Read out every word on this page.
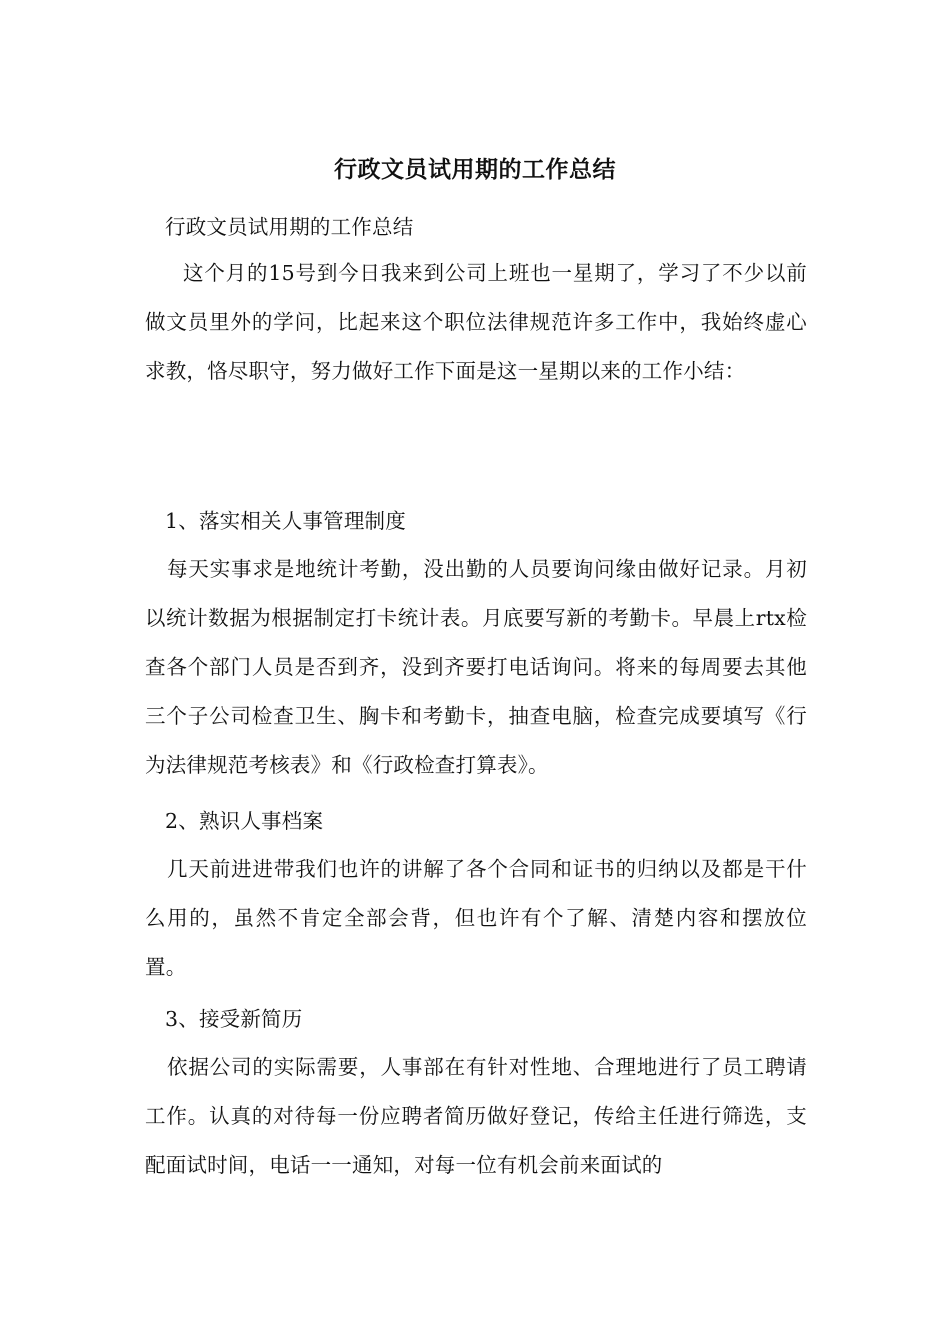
行政文员试用期的工作总结
行政文员试用期的工作总结
这个月的15号到今日我来到公司上班也一星期了，学习了不少以前做文员里外的学问，比起来这个职位法律规范许多工作中，我始终虚心求教，恪尽职守，努力做好工作下面是这一星期以来的工作小结：
1、落实相关人事管理制度
每天实事求是地统计考勤，没出勤的人员要询问缘由做好记录。月初以统计数据为根据制定打卡统计表。月底要写新的考勤卡。早晨上rtx检查各个部门人员是否到齐，没到齐要打电话询问。将来的每周要去其他三个子公司检查卫生、胸卡和考勤卡，抽查电脑，检查完成要填写《行为法律规范考核表》和《行政检查打算表》。
2、熟识人事档案
几天前进进带我们也许的讲解了各个合同和证书的归纳以及都是干什么用的，虽然不肯定全部会背，但也许有个了解、清楚内容和摆放位置。
3、接受新简历
依据公司的实际需要，人事部在有针对性地、合理地进行了员工聘请工作。认真的对待每一份应聘者简历做好登记，传给主任进行筛选，支配面试时间，电话一一通知，对每一位有机会前来面试的
